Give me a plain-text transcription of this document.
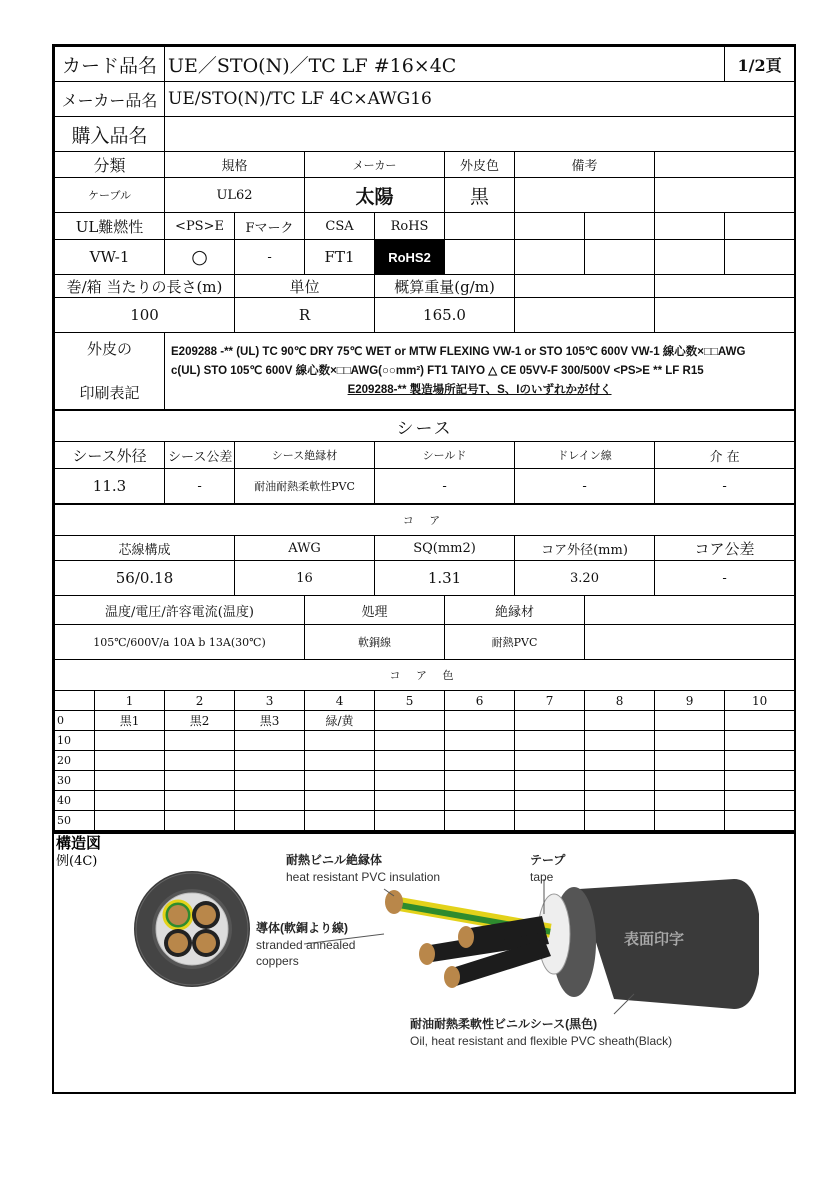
カード品名		UE／STO(N)／TC LF #16×4C								1/2頁
メーカー品名		UE/STO(N)/TC LF 4C×AWG16								
購入品名										
分類		規格		メーカー		外皮色	備考			
ケーブル		UL62		太陽		黒				
UL難燃性		<PS>E	Fマーク	CSA	RoHS					
VW-1		○	-	FT1	RoHS2					
巻/箱 当たりの長さ(m)			単位		概算重量(g/m)					
100			R		165.0					
外皮の

印刷表記		E209288 -** (UL) TC 90℃ DRY 75℃ WET or MTW FLEXING VW-1 or STO 105℃ 600V VW-1 線心数×□□AWG
c(UL) STO 105℃ 600V 線心数×□□AWG(○○mm²) FT1 TAIYO △ CE 05VV-F 300/500V <PS>E ** LF R15
E209288-** 製造場所記号T、S、Iのいずれかが付く								

シース										
シース外径		シース公差	シース絶縁材		シールド		ドレイン線		介 在	
11.3		-	耐油耐熱柔軟性PVC		-		-		-	
コ ア										
芯線構成			AWG		SQ(mm2)		コア外径(mm)		コア公差	
56/0.18			16		1.31		3.20		-	
温度/電圧/許容電流(温度)				処理		絶縁材				
105℃/600V/a 10A b 13A(30℃)				軟銅線		耐熱PVC				
コ ア 色										
	1	2	3	4	5	6	7	8	9	10
0	黒1	黒2	黒3	緑/黄						
10										
20										
30										
40										
50										
構造図
例(4C)	耐熱ビニル絶縁体
heat resistant PVC insulation
テープ
tape
導体(軟銅より線)
stranded annealed
coppers
表面印字
耐油耐熱柔軟性ビニルシース(黒色)
Oil, heat resistant and flexible PVC sheath(Black)
